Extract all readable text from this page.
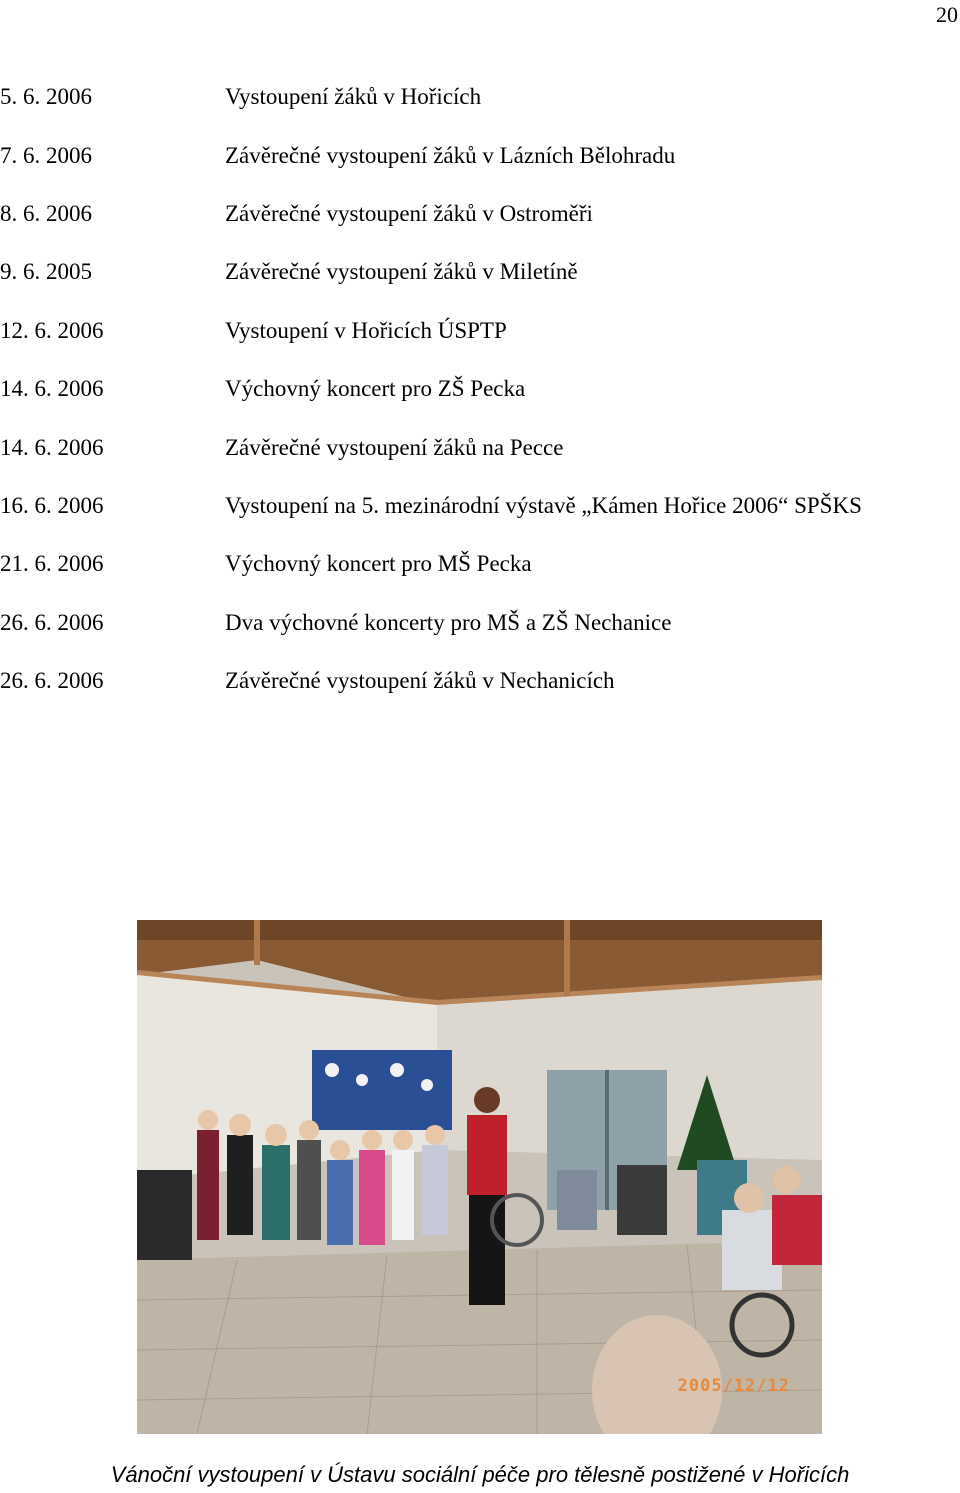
20
5. 6. 2006	Vystoupení žáků v Hořicích
7. 6. 2006	Závěrečné vystoupení žáků v Lázních Bělohradu
8. 6. 2006	Závěrečné vystoupení žáků v Ostroměři
9. 6. 2005	Závěrečné vystoupení žáků v Miletíně
12. 6. 2006	Vystoupení v Hořicích ÚSPTP
14. 6. 2006	Výchovný koncert pro ZŠ Pecka
14. 6. 2006	Závěrečné vystoupení žáků na Pecce
16. 6. 2006	Vystoupení na 5. mezinárodní výstavě „Kámen Hořice 2006“ SPŠKS
21. 6. 2006	Výchovný koncert pro MŠ Pecka
26. 6. 2006	Dva výchovné koncerty pro MŠ a ZŠ Nechanice
26. 6. 2006	Závěrečné vystoupení žáků v Nechanicích
2005/12/12
Vánoční vystoupení v Ústavu sociální péče pro tělesně postižené v Hořicích
